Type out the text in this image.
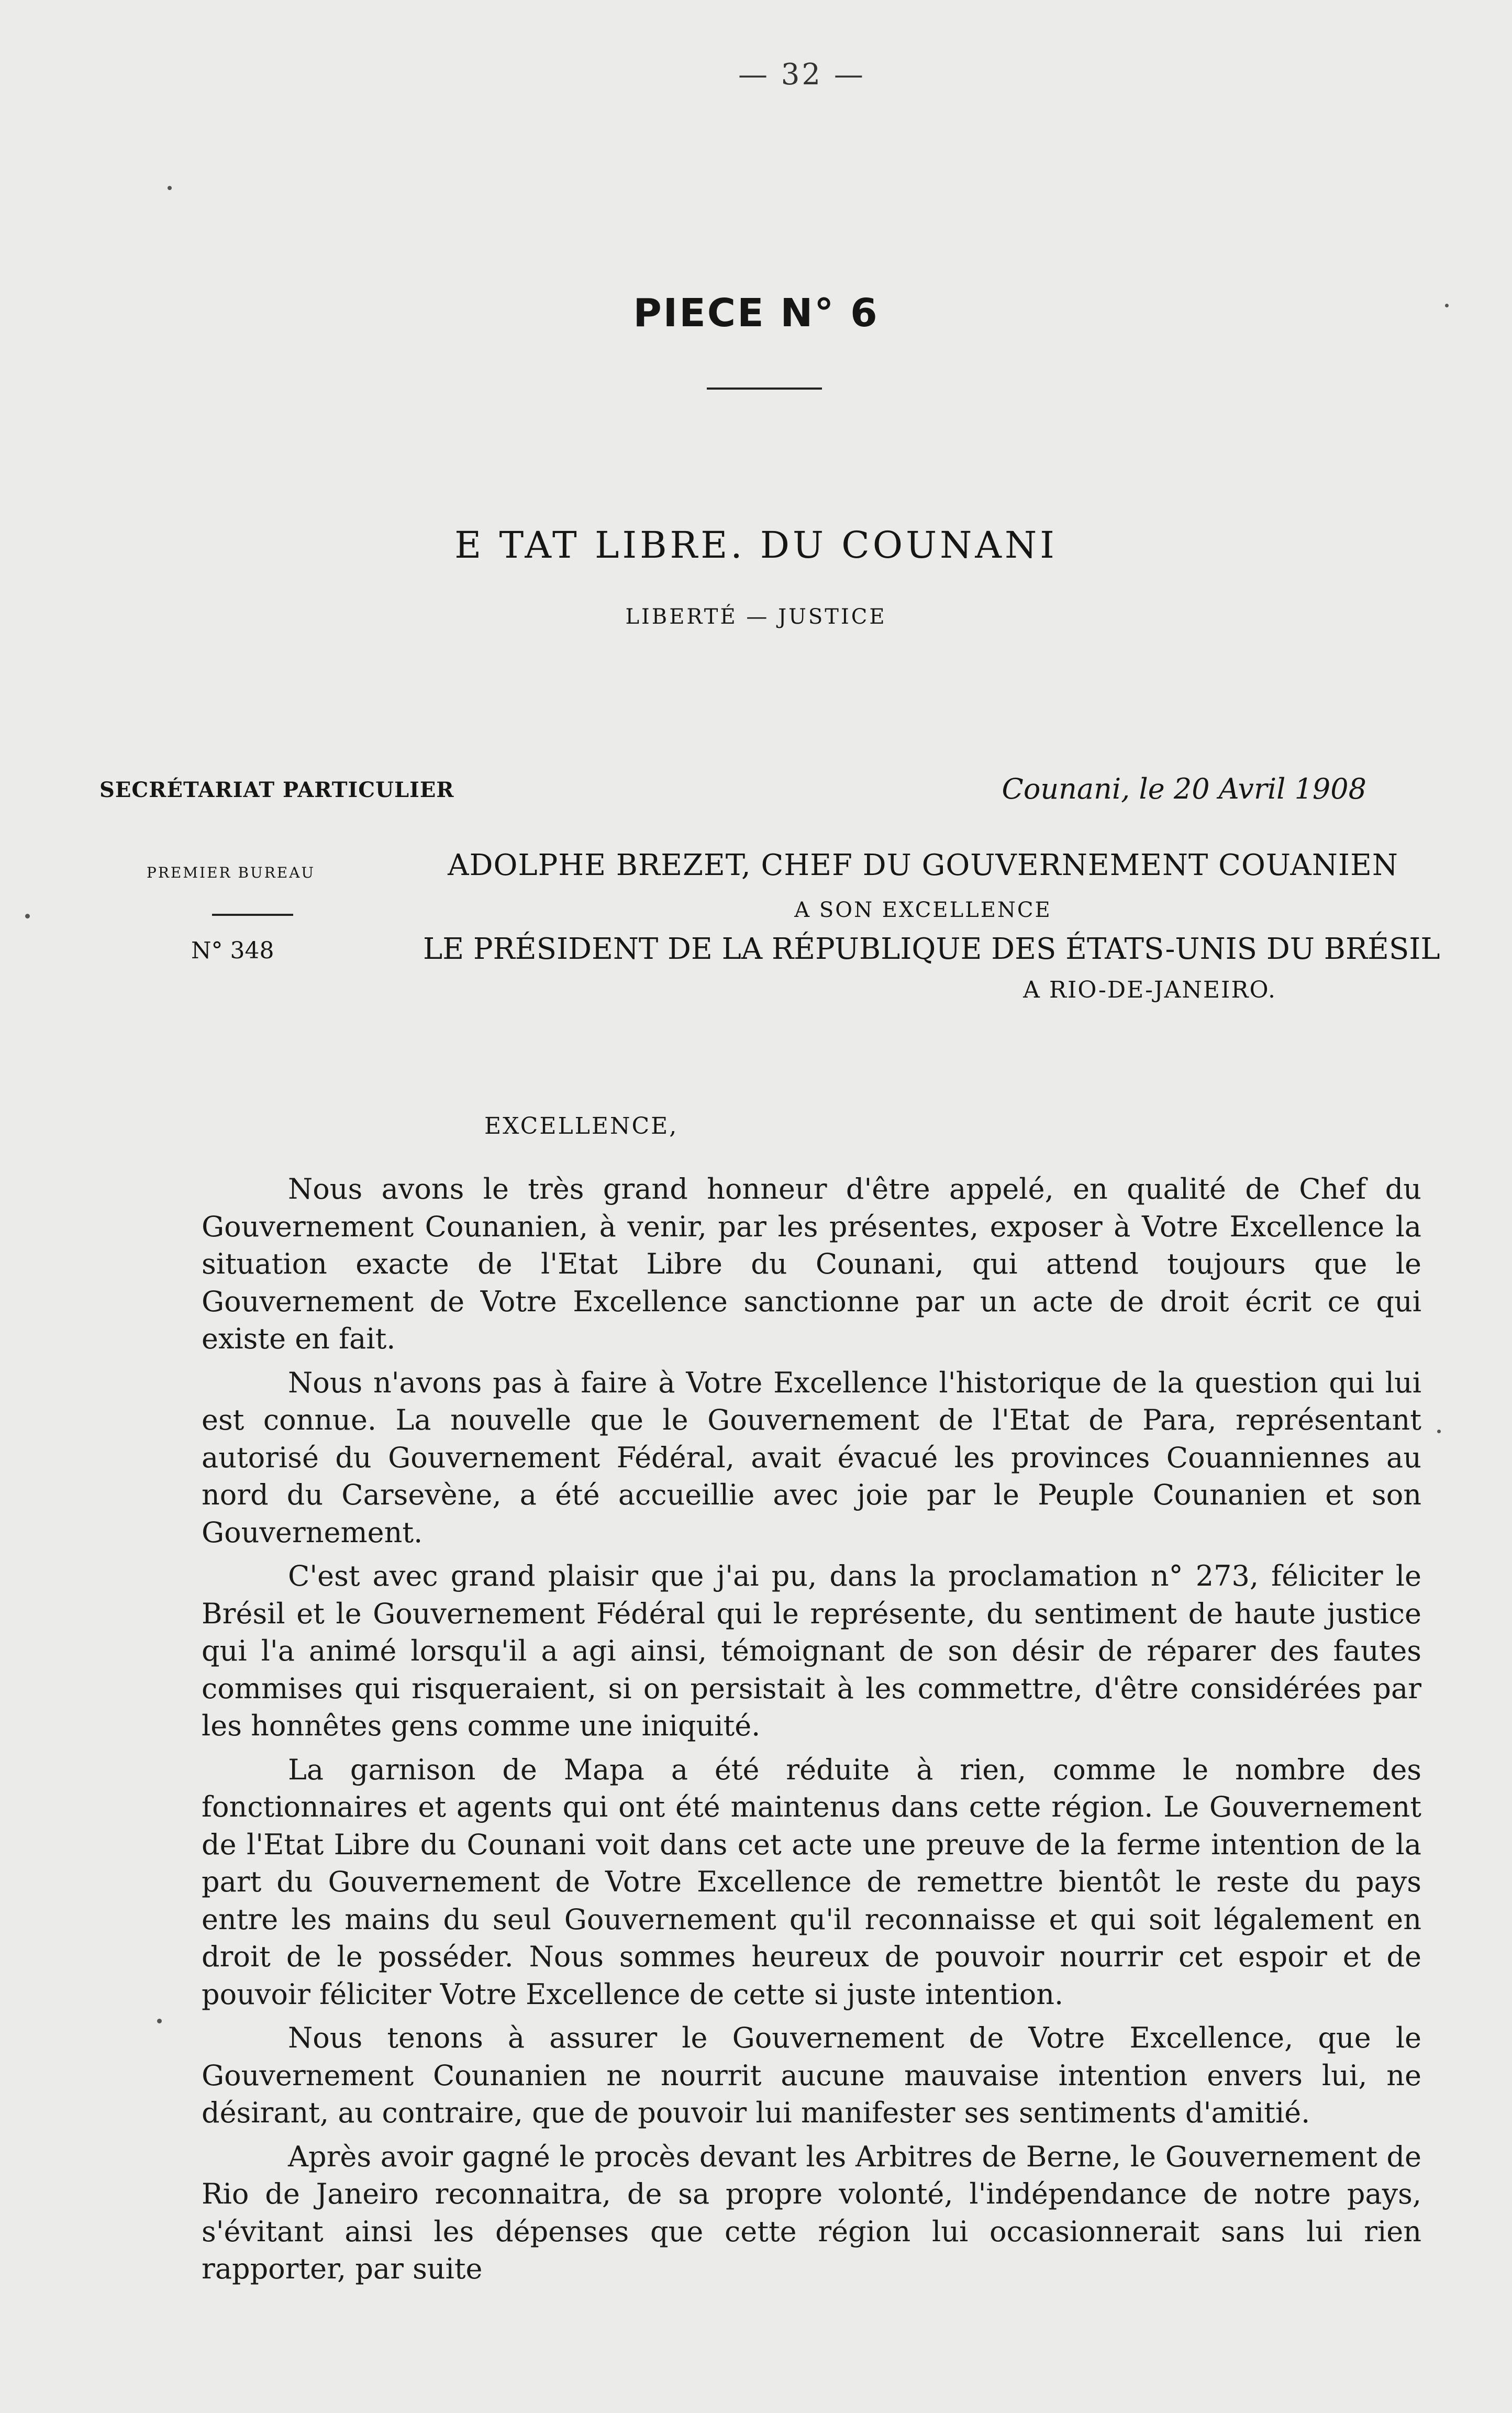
— 32 —
PIECE N° 6
E TAT LIBRE. DU COUNANI
LIBERTÉ — JUSTICE
SECRÉTARIAT PARTICULIER
PREMIER BUREAU
N° 348
Counani, le 20 Avril 1908
ADOLPHE BREZET, CHEF DU GOUVERNEMENT COUANIEN
A SON EXCELLENCE
LE PRÉSIDENT DE LA RÉPUBLIQUE DES ÉTATS-UNIS DU BRÉSIL
A RIO-DE-JANEIRO.
EXCELLENCE,

Nous avons le très grand honneur d'être appelé, en qualité de Chef du Gouvernement Counanien, à venir, par les présentes, exposer à Votre Excellence la situation exacte de l'Etat Libre du Counani, qui attend toujours que le Gouvernement de Votre Excellence sanctionne par un acte de droit écrit ce qui existe en fait.

Nous n'avons pas à faire à Votre Excellence l'historique de la question qui lui est connue. La nouvelle que le Gouvernement de l'Etat de Para, représentant autorisé du Gouvernement Fédéral, avait évacué les provinces Couanniennes au nord du Carsevène, a été accueillie avec joie par le Peuple Counanien et son Gouvernement.

C'est avec grand plaisir que j'ai pu, dans la proclamation n° 273, féliciter le Brésil et le Gouvernement Fédéral qui le représente, du sentiment de haute justice qui l'a animé lorsqu'il a agi ainsi, témoignant de son désir de réparer des fautes commises qui risqueraient, si on persistait à les commettre, d'être considérées par les honnêtes gens comme une iniquité.

La garnison de Mapa a été réduite à rien, comme le nombre des fonctionnaires et agents qui ont été maintenus dans cette région. Le Gouvernement de l'Etat Libre du Counani voit dans cet acte une preuve de la ferme intention de la part du Gouvernement de Votre Excellence de remettre bientôt le reste du pays entre les mains du seul Gouvernement qu'il reconnaisse et qui soit légalement en droit de le posséder. Nous sommes heureux de pouvoir nourrir cet espoir et de pouvoir féliciter Votre Excellence de cette si juste intention.

Nous tenons à assurer le Gouvernement de Votre Excellence, que le Gouvernement Counanien ne nourrit aucune mauvaise intention envers lui, ne désirant, au contraire, que de pouvoir lui manifester ses sentiments d'amitié.

Après avoir gagné le procès devant les Arbitres de Berne, le Gouvernement de Rio de Janeiro reconnaitra, de sa propre volonté, l'indépendance de notre pays, s'évitant ainsi les dépenses que cette région lui occasionnerait sans lui rien rapporter, par suite
